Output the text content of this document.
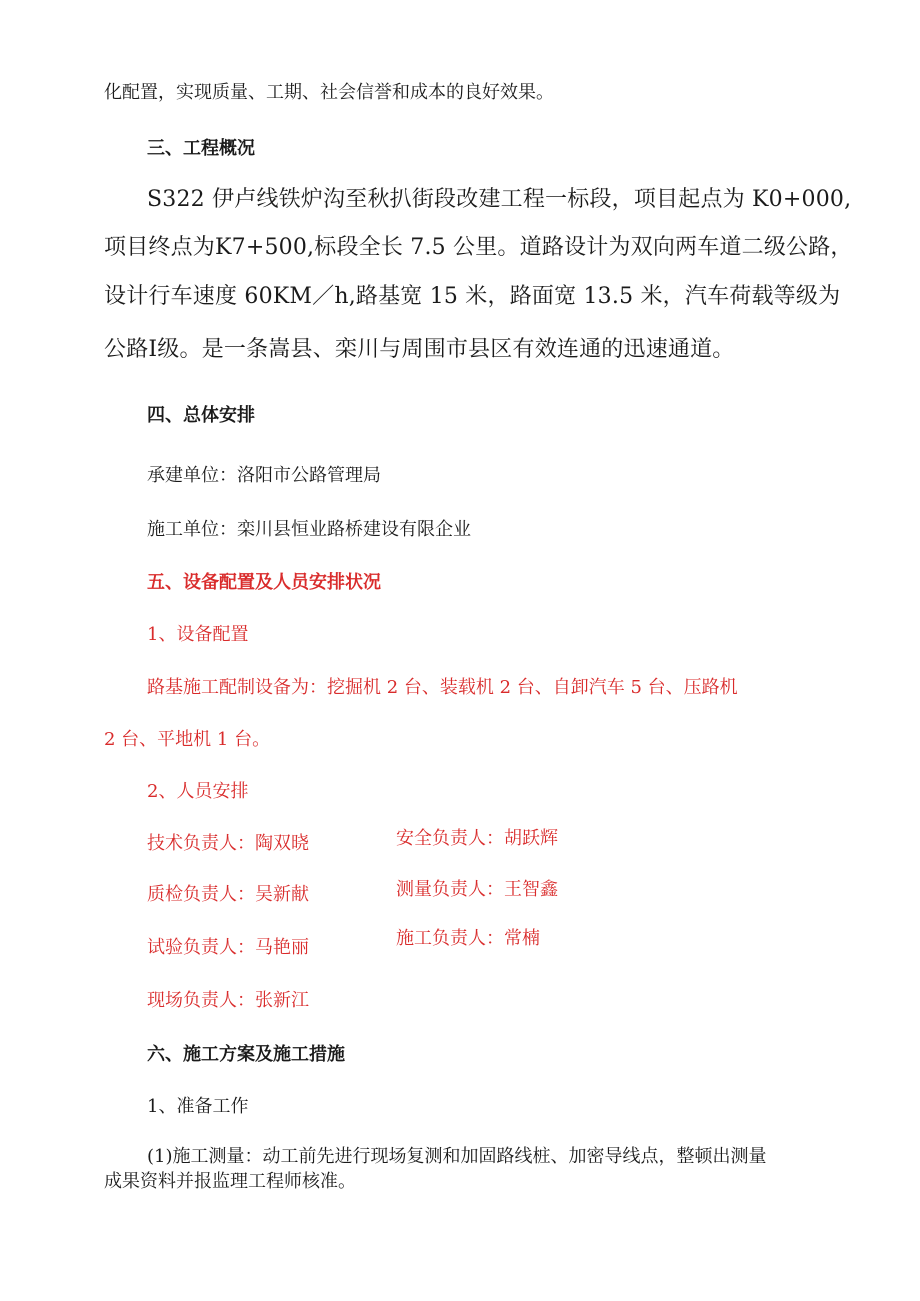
化配置，实现质量、工期、社会信誉和成本的良好效果。
三、工程概况
S322 伊卢线铁炉沟至秋扒街段改建工程一标段，项目起点为 K0+000,
项目终点为K7+500,标段全长 7.5 公里。道路设计为双向两车道二级公路，
设计行车速度 60KM／h,路基宽 15 米，路面宽 13.5 米，汽车荷载等级为
公路Ⅰ级。是一条嵩县、栾川与周围市县区有效连通的迅速通道。
四、总体安排
承建单位：洛阳市公路管理局
施工单位：栾川县恒业路桥建设有限企业
五、设备配置及人员安排状况
1、设备配置
路基施工配制设备为：挖掘机 2 台、装载机 2 台、自卸汽车 5 台、压路机
2 台、平地机 1 台。
2、人员安排
技术负责人：陶双晓
质检负责人：吴新献
试验负责人：马艳丽
现场负责人：张新江
安全负责人：胡跃辉
测量负责人：王智鑫
施工负责人：常楠
六、施工方案及施工措施
1、准备工作
(1)施工测量：动工前先进行现场复测和加固路线桩、加密导线点，整顿出测量
成果资料并报监理工程师核准。
